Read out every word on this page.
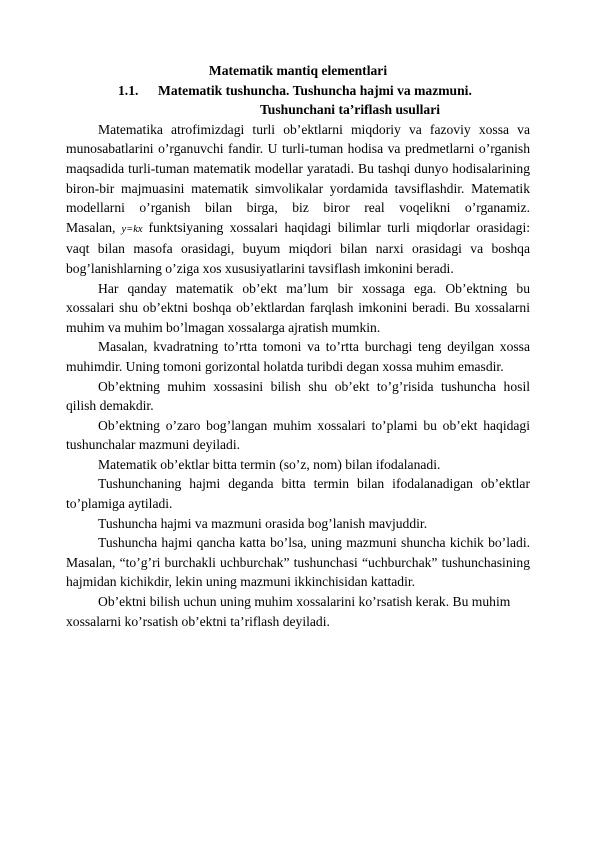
Matematik mantiq elementlari
1.1. Matematik tushuncha. Tushuncha hajmi va mazmuni.
Tushunchani ta’riflash usullari

Matematika atrofimizdagi turli ob’ektlarni miqdoriy va fazoviy xossa va munosabatlarini o’rganuvchi fandir. U turli-tuman hodisa va predmetlarni o’rganish maqsadida turli-tuman matematik modellar yaratadi. Bu tashqi dunyo hodisalarining biron-bir majmuasini matematik simvolikalar yordamida tavsiflashdir. Matematik modellarni o’rganish bilan birga, biz biror real voqelikni o’rganamiz. Masalan, y=kx funktsiyaning xossalari haqidagi bilimlar turli miqdorlar orasidagi: vaqt bilan masofa orasidagi, buyum miqdori bilan narxi orasidagi va boshqa bog’lanishlarning o’ziga xos xususiyatlarini tavsiflash imkonini beradi.

Har qanday matematik ob’ekt ma’lum bir xossaga ega. Ob’ektning bu xossalari shu ob’ektni boshqa ob’ektlardan farqlash imkonini beradi. Bu xossalarni muhim va muhim bo’lmagan xossalarga ajratish mumkin.

Masalan, kvadratning to’rtta tomoni va to’rtta burchagi teng deyilgan xossa muhimdir. Uning tomoni gorizontal holatda turibdi degan xossa muhim emasdir.

Ob’ektning muhim xossasini bilish shu ob’ekt to’g’risida tushuncha hosil qilish demakdir.

Ob’ektning o’zaro bog’langan muhim xossalari to’plami bu ob’ekt haqidagi tushunchalar mazmuni deyiladi.

Matematik ob’ektlar bitta termin (so’z, nom) bilan ifodalanadi.

Tushunchaning hajmi deganda bitta termin bilan ifodalanadigan ob’ektlar to’plamiga aytiladi.

Tushuncha hajmi va mazmuni orasida bog’lanish mavjuddir.

Tushuncha hajmi qancha katta bo’lsa, uning mazmuni shuncha kichik bo’ladi. Masalan, “to’g’ri burchakli uchburchak” tushunchasi “uchburchak” tushunchasining hajmidan kichikdir, lekin uning mazmuni ikkinchisidan kattadir.

Ob’ektni bilish uchun uning muhim xossalarini ko’rsatish kerak. Bu muhim xossalarni ko’rsatish ob’ektni ta’riflash deyiladi.
